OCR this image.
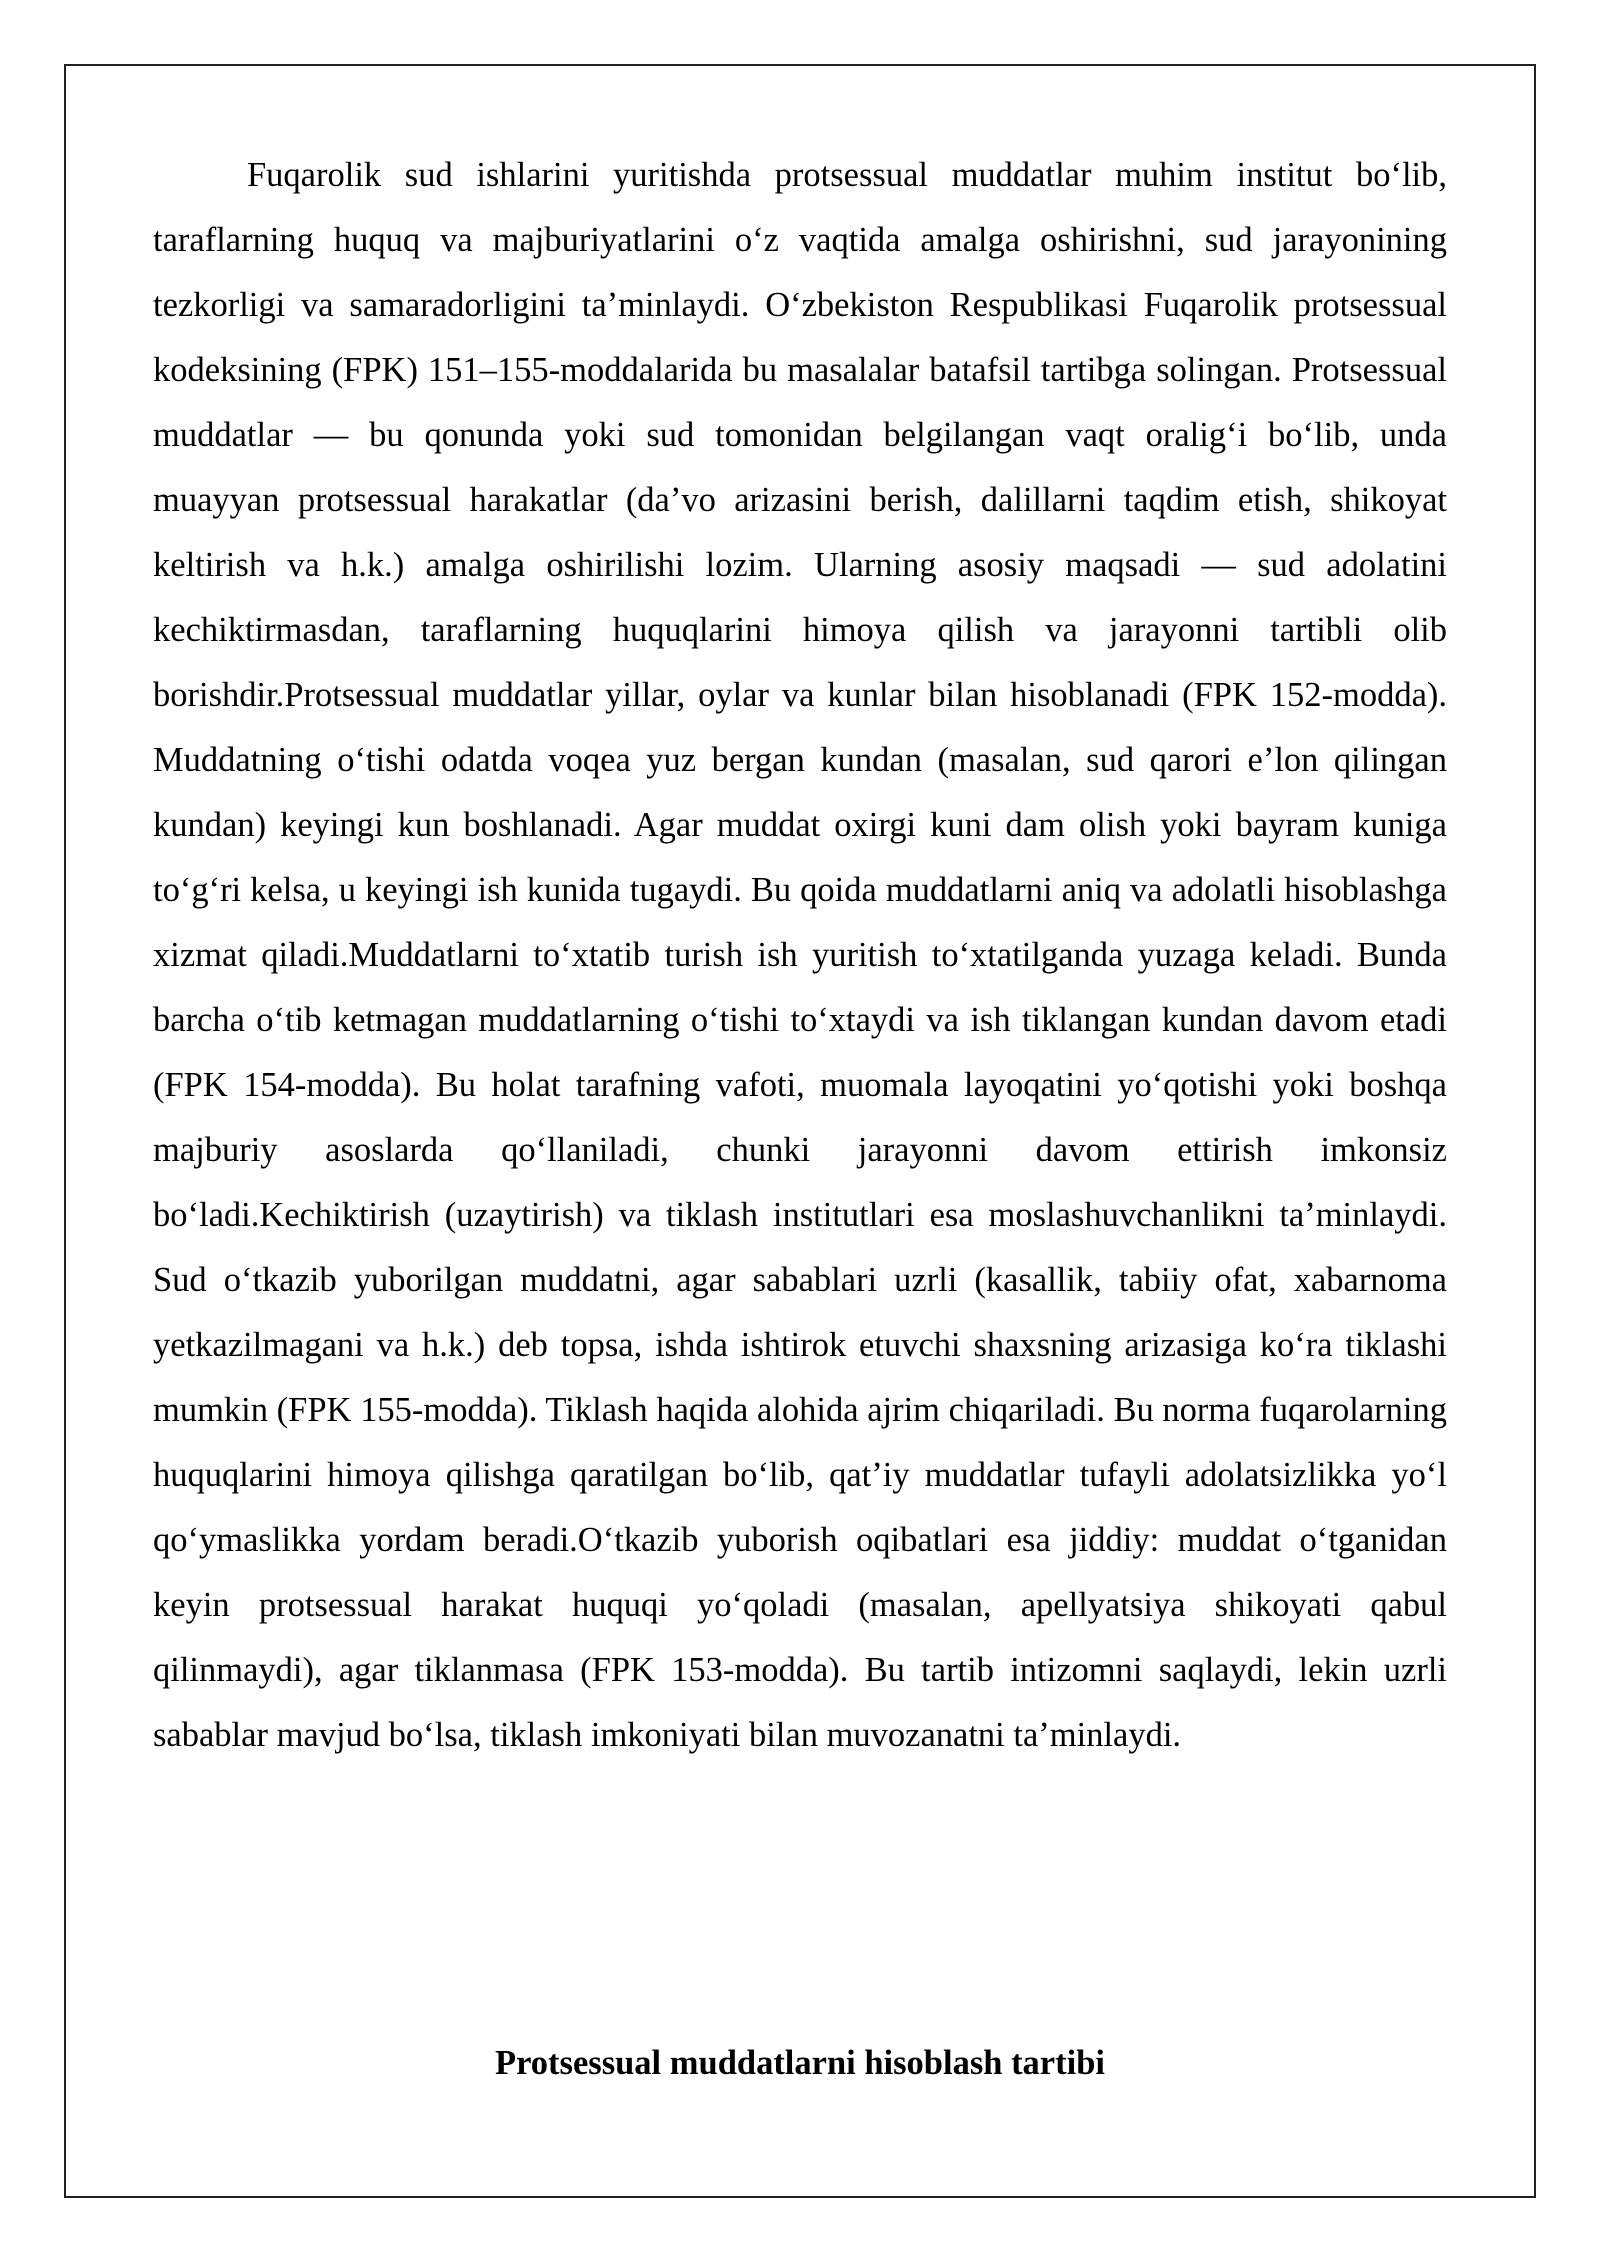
Fuqarolik sud ishlarini yuritishda protsessual muddatlar muhim institut boʻlib, taraflarning huquq va majburiyatlarini oʻz vaqtida amalga oshirishni, sud jarayonining tezkorligi va samaradorligini taʼminlaydi. Oʻzbekiston Respublikasi Fuqarolik protsessual kodeksining (FPK) 151–155-moddalarida bu masalalar batafsil tartibga solingan. Protsessual muddatlar — bu qonunda yoki sud tomonidan belgilangan vaqt oraligʻi boʻlib, unda muayyan protsessual harakatlar (daʼvo arizasini berish, dalillarni taqdim etish, shikoyat keltirish va h.k.) amalga oshirilishi lozim. Ularning asosiy maqsadi — sud adolatini kechiktirmasdan, taraflarning huquqlarini himoya qilish va jarayonni tartibli olib borishdir.Protsessual muddatlar yillar, oylar va kunlar bilan hisoblanadi (FPK 152-modda). Muddatning oʻtishi odatda voqea yuz bergan kundan (masalan, sud qarori eʼlon qilingan kundan) keyingi kun boshlanadi. Agar muddat oxirgi kuni dam olish yoki bayram kuniga toʻgʻri kelsa, u keyingi ish kunida tugaydi. Bu qoida muddatlarni aniq va adolatli hisoblashga xizmat qiladi.Muddatlarni toʻxtatib turish ish yuritish toʻxtatilganda yuzaga keladi. Bunda barcha oʻtib ketmagan muddatlarning oʻtishi toʻxtaydi va ish tiklangan kundan davom etadi (FPK 154-modda). Bu holat tarafning vafoti, muomala layoqatini yoʻqotishi yoki boshqa majburiy asoslarda qoʻllaniladi, chunki jarayonni davom ettirish imkonsiz boʻladi.Kechiktirish (uzaytirish) va tiklash institutlari esa moslashuvchanlikni taʼminlaydi. Sud oʻtkazib yuborilgan muddatni, agar sabablari uzrli (kasallik, tabiiy ofat, xabarnoma yetkazilmagani va h.k.) deb topsa, ishda ishtirok etuvchi shaxsning arizasiga koʻra tiklashi mumkin (FPK 155-modda). Tiklash haqida alohida ajrim chiqariladi. Bu norma fuqarolarning huquqlarini himoya qilishga qaratilgan boʻlib, qatʼiy muddatlar tufayli adolatsizlikka yoʻl qoʻymaslikka yordam beradi.Oʻtkazib yuborish oqibatlari esa jiddiy: muddat oʻtganidan keyin protsessual harakat huquqi yoʻqoladi (masalan, apellyatsiya shikoyati qabul qilinmaydi), agar tiklanmasa (FPK 153-modda). Bu tartib intizomni saqlaydi, lekin uzrli sabablar mavjud boʻlsa, tiklash imkoniyati bilan muvozanatni taʼminlaydi.

Protsessual muddatlarni hisoblash tartibi
